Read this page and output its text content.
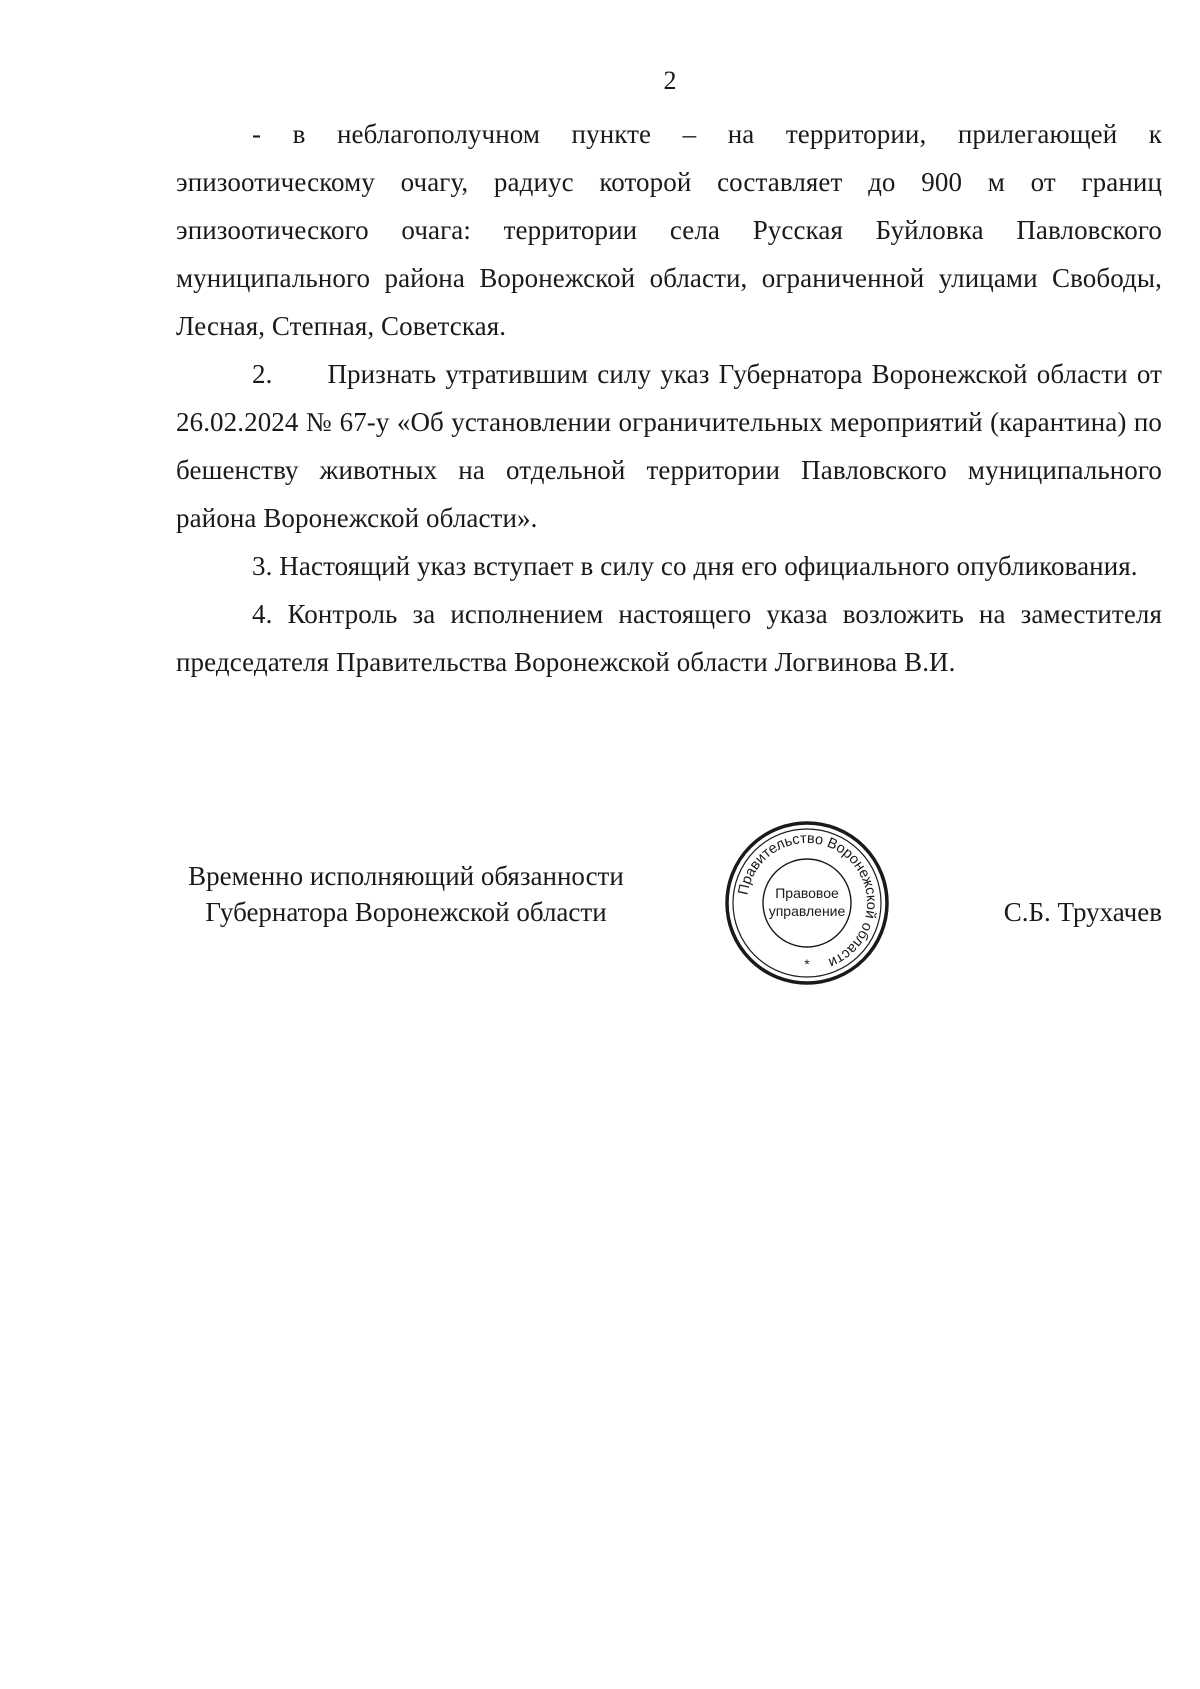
2

- в неблагополучном пункте – на территории, прилегающей к эпизоотическому очагу, радиус которой составляет до 900 м от границ эпизоотического очага: территории села Русская Буйловка Павловского муниципального района Воронежской области, ограниченной улицами Свободы, Лесная, Степная, Советская.

2.      Признать утратившим силу указ Губернатора Воронежской области от 26.02.2024 № 67-у «Об установлении ограничительных мероприятий (карантина) по бешенству животных на отдельной территории Павловского муниципального района Воронежской области».

3. Настоящий указ вступает в силу со дня его официального опубликования.

4. Контроль за исполнением настоящего указа возложить на заместителя председателя Правительства Воронежской области Логвинова В.И.

Временно исполняющий обязанности
Губернатора Воронежской области
Правительство Воронежской области
Правовое
управление
*
С.Б. Трухачев
